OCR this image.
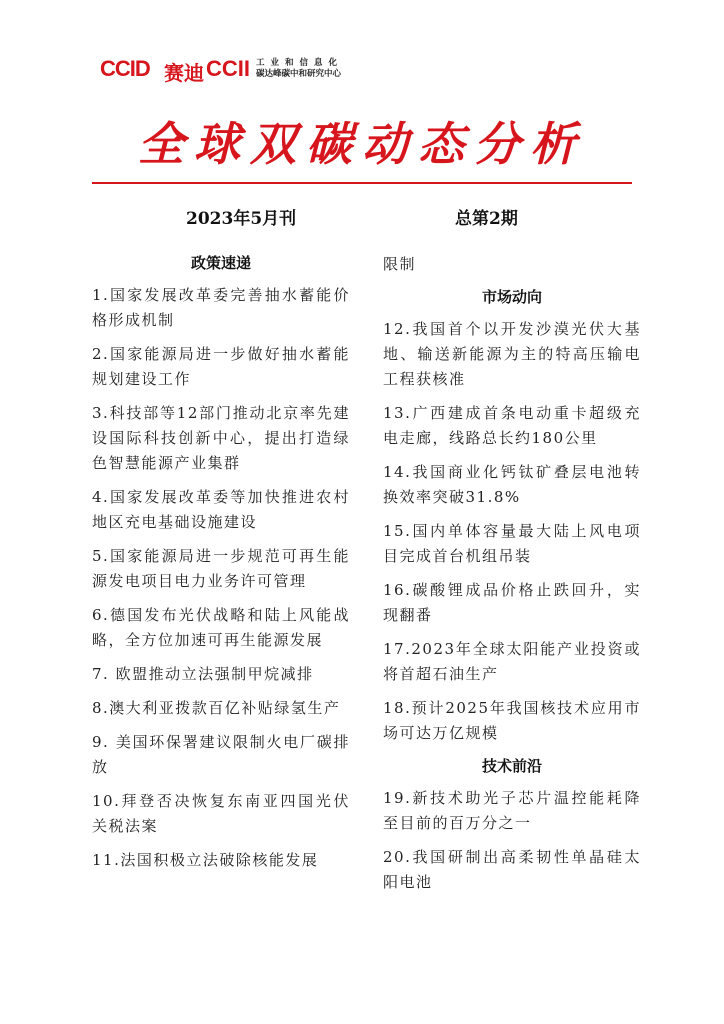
CCID 赛迪 CCII 工业和信息化
碳达峰碳中和研究中心
全球双碳动态分析
2023年5月刊	总第2期
政策速递
1.国家发展改革委完善抽水蓄能价格形成机制
2.国家能源局进一步做好抽水蓄能规划建设工作
3.科技部等12部门推动北京率先建设国际科技创新中心，提出打造绿色智慧能源产业集群
4.国家发展改革委等加快推进农村地区充电基础设施建设
5.国家能源局进一步规范可再生能源发电项目电力业务许可管理
6.德国发布光伏战略和陆上风能战略，全方位加速可再生能源发展
7. 欧盟推动立法强制甲烷减排
8.澳大利亚拨款百亿补贴绿氢生产
9. 美国环保署建议限制火电厂碳排放
10.拜登否决恢复东南亚四国光伏关税法案
11.法国积极立法破除核能发展
限制
市场动向
12.我国首个以开发沙漠光伏大基地、输送新能源为主的特高压输电工程获核准
13.广西建成首条电动重卡超级充电走廊，线路总长约180公里
14.我国商业化钙钛矿叠层电池转换效率突破31.8%
15.国内单体容量最大陆上风电项目完成首台机组吊装
16.碳酸锂成品价格止跌回升，实现翻番
17.2023年全球太阳能产业投资或将首超石油生产
18.预计2025年我国核技术应用市场可达万亿规模
技术前沿
19.新技术助光子芯片温控能耗降至目前的百万分之一
20.我国研制出高柔韧性单晶硅太阳电池
